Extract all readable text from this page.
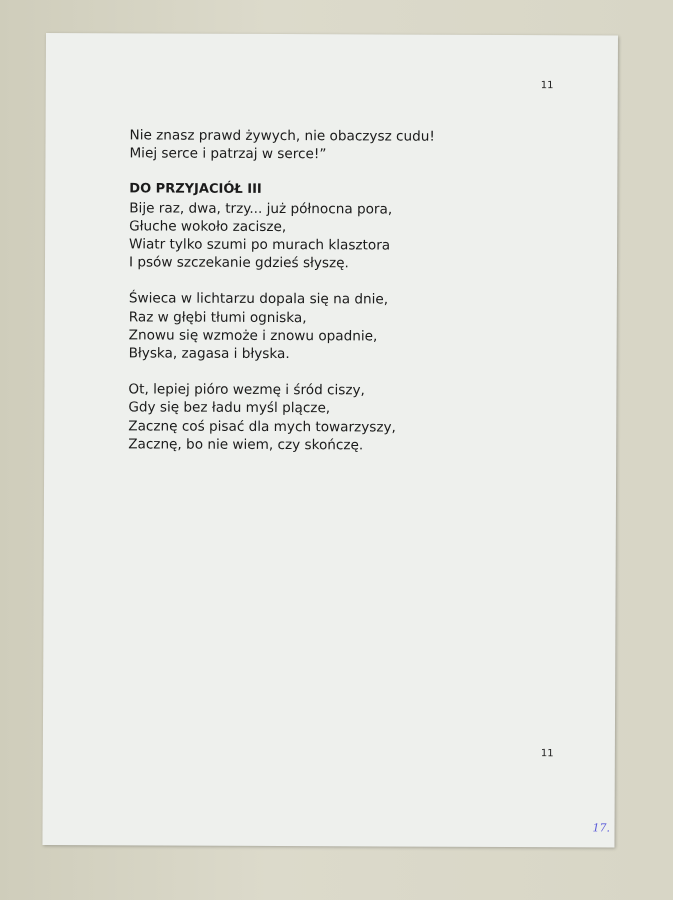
11
Nie znasz prawd żywych, nie obaczysz cudu!
Miej serce i patrzaj w serce!”
DO PRZYJACIÓŁ III
Bije raz, dwa, trzy... już północna pora,
Głuche wokoło zacisze,
Wiatr tylko szumi po murach klasztora
I psów szczekanie gdzieś słyszę.
Świeca w lichtarzu dopala się na dnie,
Raz w głębi tłumi ogniska,
Znowu się wzmoże i znowu opadnie,
Błyska, zagasa i błyska.
Ot, lepiej pióro wezmę i śród ciszy,
Gdy się bez ładu myśl plącze,
Zacznę coś pisać dla mych towarzyszy,
Zacznę, bo nie wiem, czy skończę.
11
17.
